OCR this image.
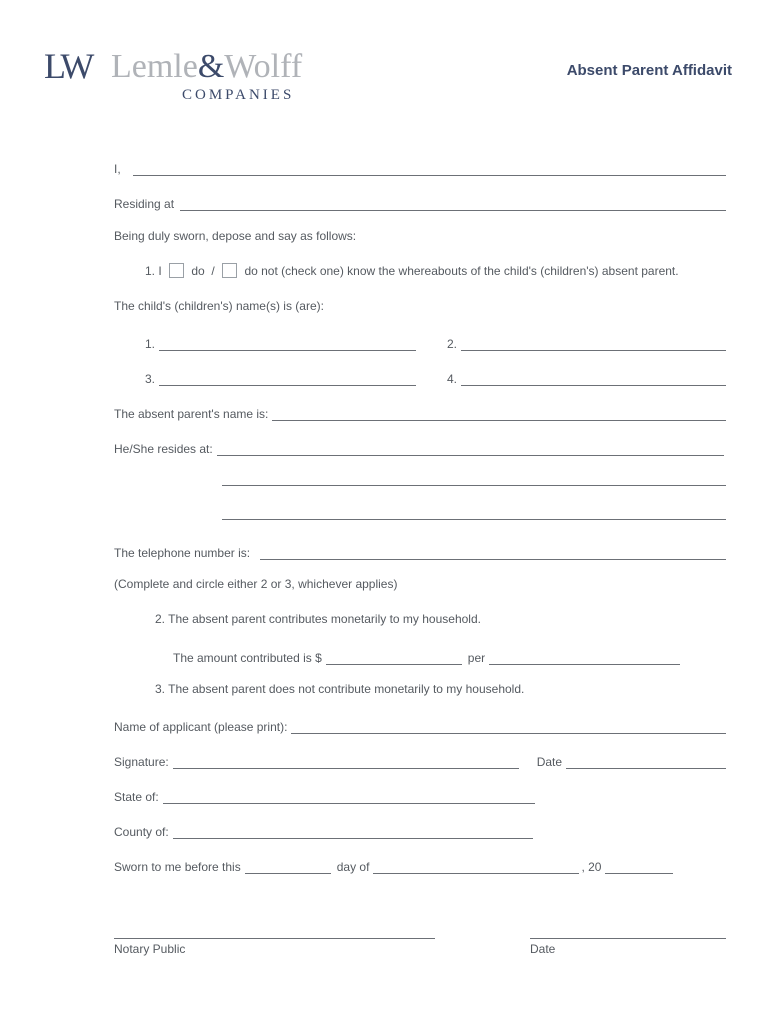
LW Lemle&Wolff
COMPANIES
Absent Parent Affidavit
I,
Residing at
Being duly sworn, depose and say as follows:
1. I do / do not (check one) know the whereabouts of the child's (children's) absent parent.
The child's (children's) name(s) is (are):
1.	2.
3.	4.
The absent parent's name is:
He/She resides at:
The telephone number is:
(Complete and circle either 2 or 3, whichever applies)
2. The absent parent contributes monetarily to my household.
The amount contributed is $	per
3. The absent parent does not contribute monetarily to my household.
Name of applicant (please print):
Signature:	Date
State of:
County of:
Sworn to me before this	day of	, 20
Notary Public	Date
